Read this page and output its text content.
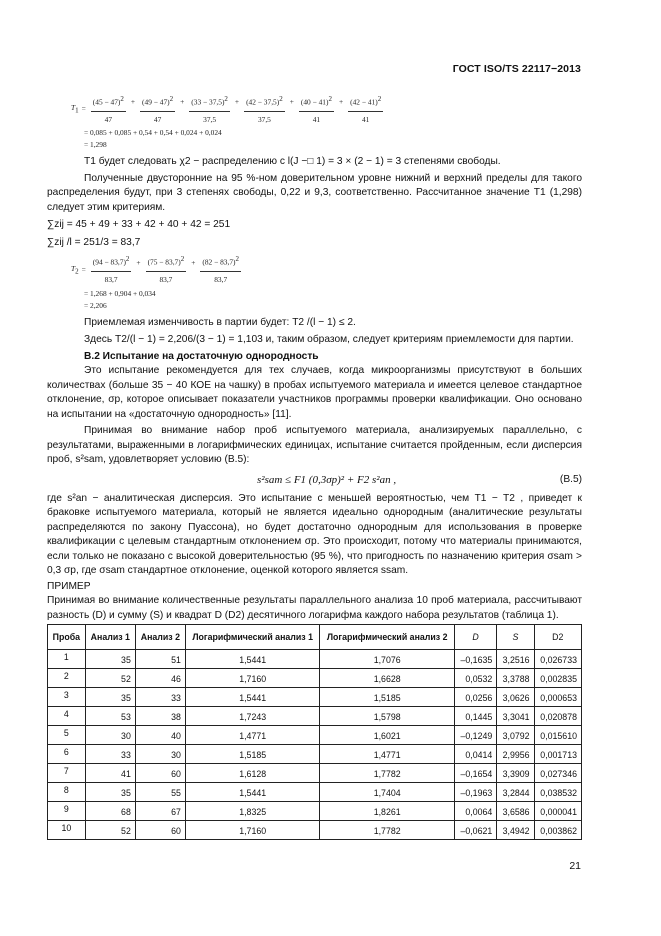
ГОСТ ISO/TS 22117−2013
$T1 = \frac{(45 - 47)2}{47} + \frac{(49 - 47)2}{47} + \frac{(33 - 37,5)2}{37,5} + \frac{(42 - 37,5)2}{37,5} + \frac{(40 - 41)2}{41} + \frac{(42 - 41)2}{41}$
= 0,085 + 0,085 + 0,54 + 0,54 + 0,024 + 0,024
= 1,298

T1 будет следовать χ2 − распределению с l(J −□ 1) = 3 × (2 − 1) = 3 степенями свободы.

Полученные двусторонние на 95 %-ном доверительном уровне нижний и верхний пределы для такого распределения будут, при 3 степенях свободы, 0,22 и 9,3, соответственно. Рассчитанное значение T1 (1,298) следует этим критериям.

∑zij = 45 + 49 + 33 + 42 + 40 + 42 = 251

∑zij /l = 251/3 = 83,7

$T2 = \frac{(94 - 83,7)2}{83,7} + \frac{(75 - 83,7)2}{83,7} + \frac{(82 - 83,7)2}{83,7}$
= 1,268 + 0,904 + 0,034
= 2,206

Приемлемая изменчивость в партии будет: T2 /(l − 1) ≤ 2.

Здесь T2/(l − 1) = 2,206/(3 − 1) = 1,103 и, таким образом, следует критериям приемлемости для партии.

В.2 Испытание на достаточную однородность

Это испытание рекомендуется для тех случаев, когда микроорганизмы присутствуют в больших количествах (больше 35 − 40 КОЕ на чашку) в пробах испытуемого материала и имеется целевое стандартное отклонение, σp, которое описывает показатели участников программы проверки квалификации. Оно основано на испытании на «достаточную однородность» [11].

Принимая во внимание набор проб испытуемого материала, анализируемых параллельно, с результатами, выраженными в логарифмических единицах, испытание считается пройденным, если дисперсия проб, s²sam, удовлетворяет условию (B.5):

s²sam ≤ F1 (0,3σp)² + F2 s²an ,	(B.5)

где s²an − аналитическая дисперсия. Это испытание с меньшей вероятностью, чем T1 − T2 , приведет к браковке испытуемого материала, который не является идеально однородным (аналитические результаты распределяются по закону Пуассона), но будет достаточно однородным для использования в проверке квалификации с целевым стандартным отклонением σp. Это происходит, потому что материалы принимаются, если только не показано с высокой доверительностью (95 %), что пригодность по назначению критерия σsam > 0,3 σp, где σsam стандартное отклонение, оценкой которого является ssam.

ПРИМЕР

Принимая во внимание количественные результаты параллельного анализа 10 проб материала, рассчитывают разность (D) и сумму (S) и квадрат D (D2) десятичного логарифма каждого набора результатов (таблица 1).

Проба	Анализ 1	Анализ 2	Логарифмический анализ 1	Логарифмический анализ 2	D	S	D2
1	35	51	1,5441	1,7076	–0,1635	3,2516	0,026733
2	52	46	1,7160	1,6628	0,0532	3,3788	0,002835
3	35	33	1,5441	1,5185	0,0256	3,0626	0,000653
4	53	38	1,7243	1,5798	0,1445	3,3041	0,020878
5	30	40	1,4771	1,6021	–0,1249	3,0792	0,015610
6	33	30	1,5185	1,4771	0,0414	2,9956	0,001713
7	41	60	1,6128	1,7782	–0,1654	3,3909	0,027346
8	35	55	1,5441	1,7404	–0,1963	3,2844	0,038532
9	68	67	1,8325	1,8261	0,0064	3,6586	0,000041
10	52	60	1,7160	1,7782	–0,0621	3,4942	0,003862
21
